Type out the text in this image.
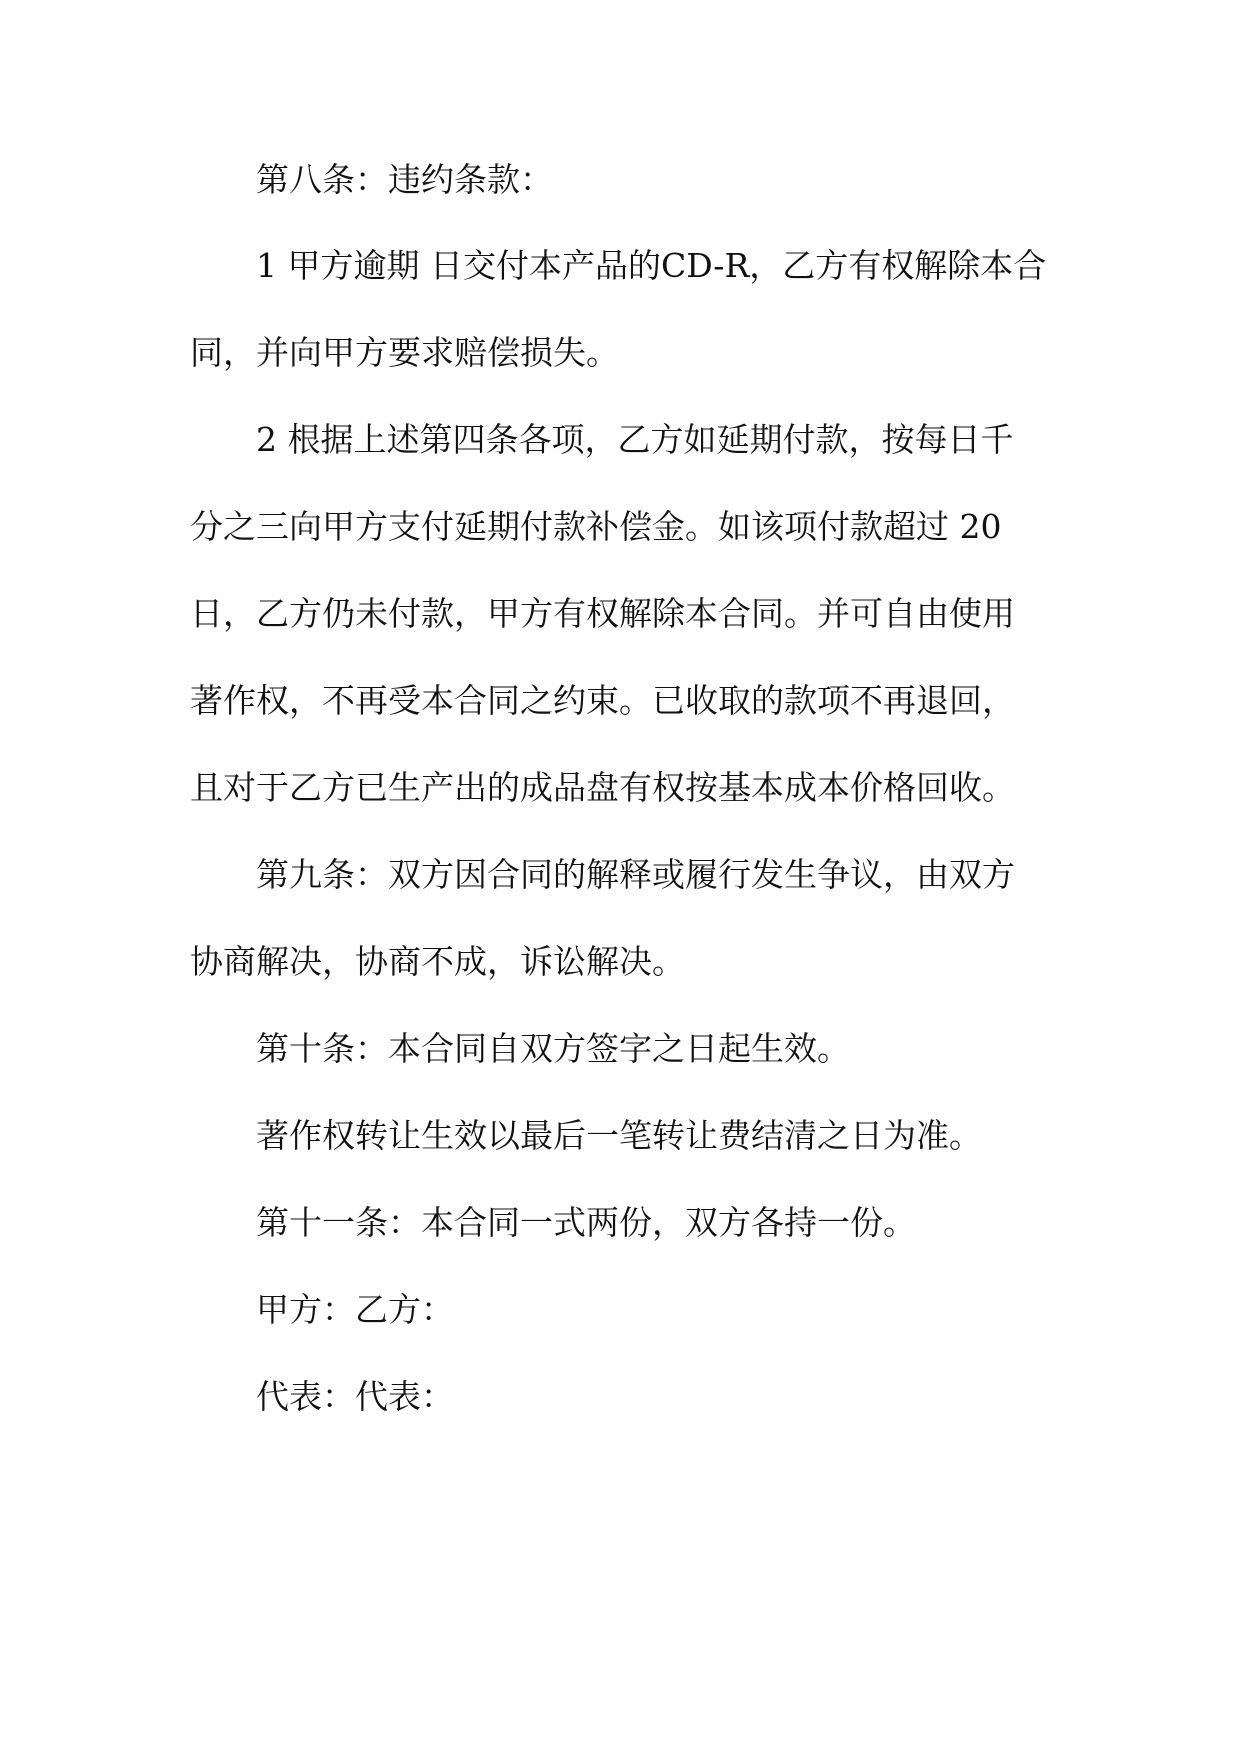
第八条：违约条款：
1 甲方逾期 日交付本产品的CD-R，乙方有权解除本合
同，并向甲方要求赔偿损失。
2 根据上述第四条各项，乙方如延期付款，按每日千
分之三向甲方支付延期付款补偿金。如该项付款超过 20
日，乙方仍未付款，甲方有权解除本合同。并可自由使用
著作权，不再受本合同之约束。已收取的款项不再退回，
且对于乙方已生产出的成品盘有权按基本成本价格回收。
第九条：双方因合同的解释或履行发生争议，由双方
协商解决，协商不成，诉讼解决。
第十条：本合同自双方签字之日起生效。
著作权转让生效以最后一笔转让费结清之日为准。
第十一条：本合同一式两份，双方各持一份。
甲方：乙方：
代表：代表：
